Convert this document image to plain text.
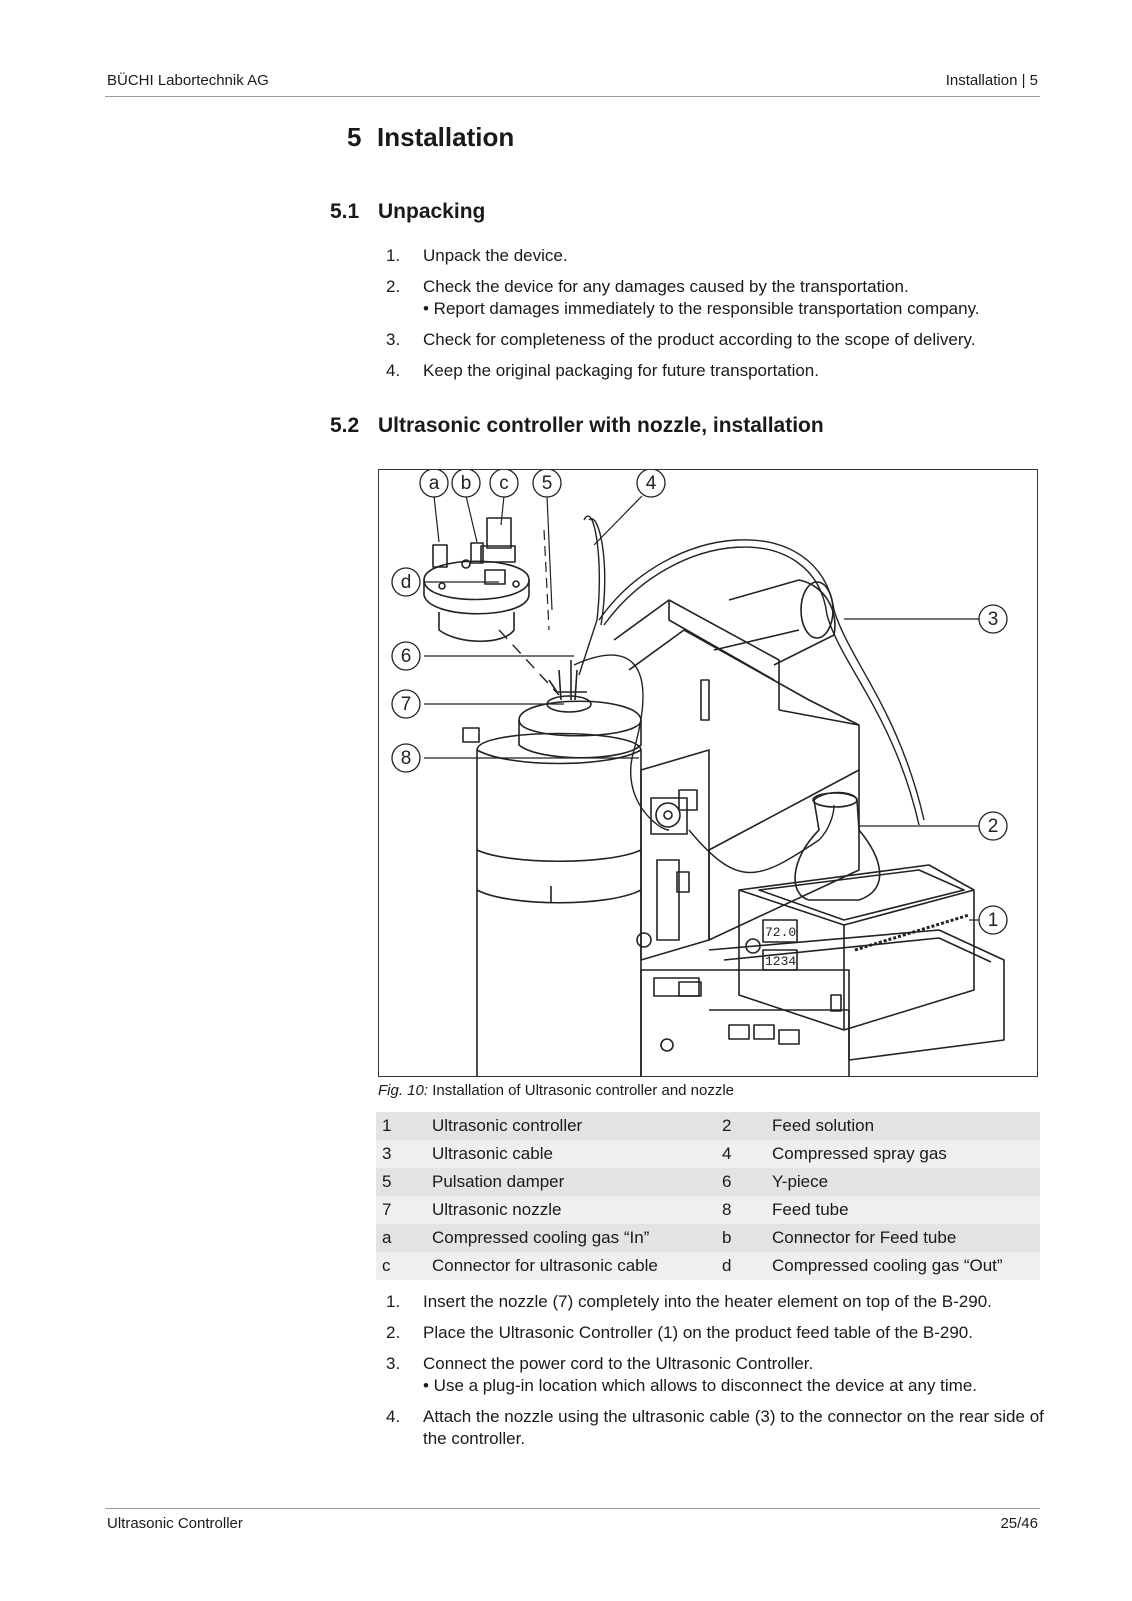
BÜCHI Labortechnik AG	Installation | 5
5 Installation
5.1 Unpacking
1. Unpack the device.
2. Check the device for any damages caused by the transportation.
• Report damages immediately to the responsible transportation company.
3. Check for completeness of the product according to the scope of delivery.
4. Keep the original packaging for future transportation.
5.2 Ultrasonic controller with nozzle, installation
72.0
1234
a b c 5	4
d
3
6
7
8
2
1
Fig. 10: Installation of Ultrasonic controller and nozzle
1	Ultrasonic controller	2	Feed solution
3	Ultrasonic cable	4	Compressed spray gas
5	Pulsation damper	6	Y-piece
7	Ultrasonic nozzle	8	Feed tube
a	Compressed cooling gas “In”	b	Connector for Feed tube
c	Connector for ultrasonic cable	d	Compressed cooling gas “Out”
1. Insert the nozzle (7) completely into the heater element on top of the B-290.
2. Place the Ultrasonic Controller (1) on the product feed table of the B-290.
3. Connect the power cord to the Ultrasonic Controller.
• Use a plug-in location which allows to disconnect the device at any time.
4. Attach the nozzle using the ultrasonic cable (3) to the connector on the rear side of the controller.
Ultrasonic Controller	25/46
